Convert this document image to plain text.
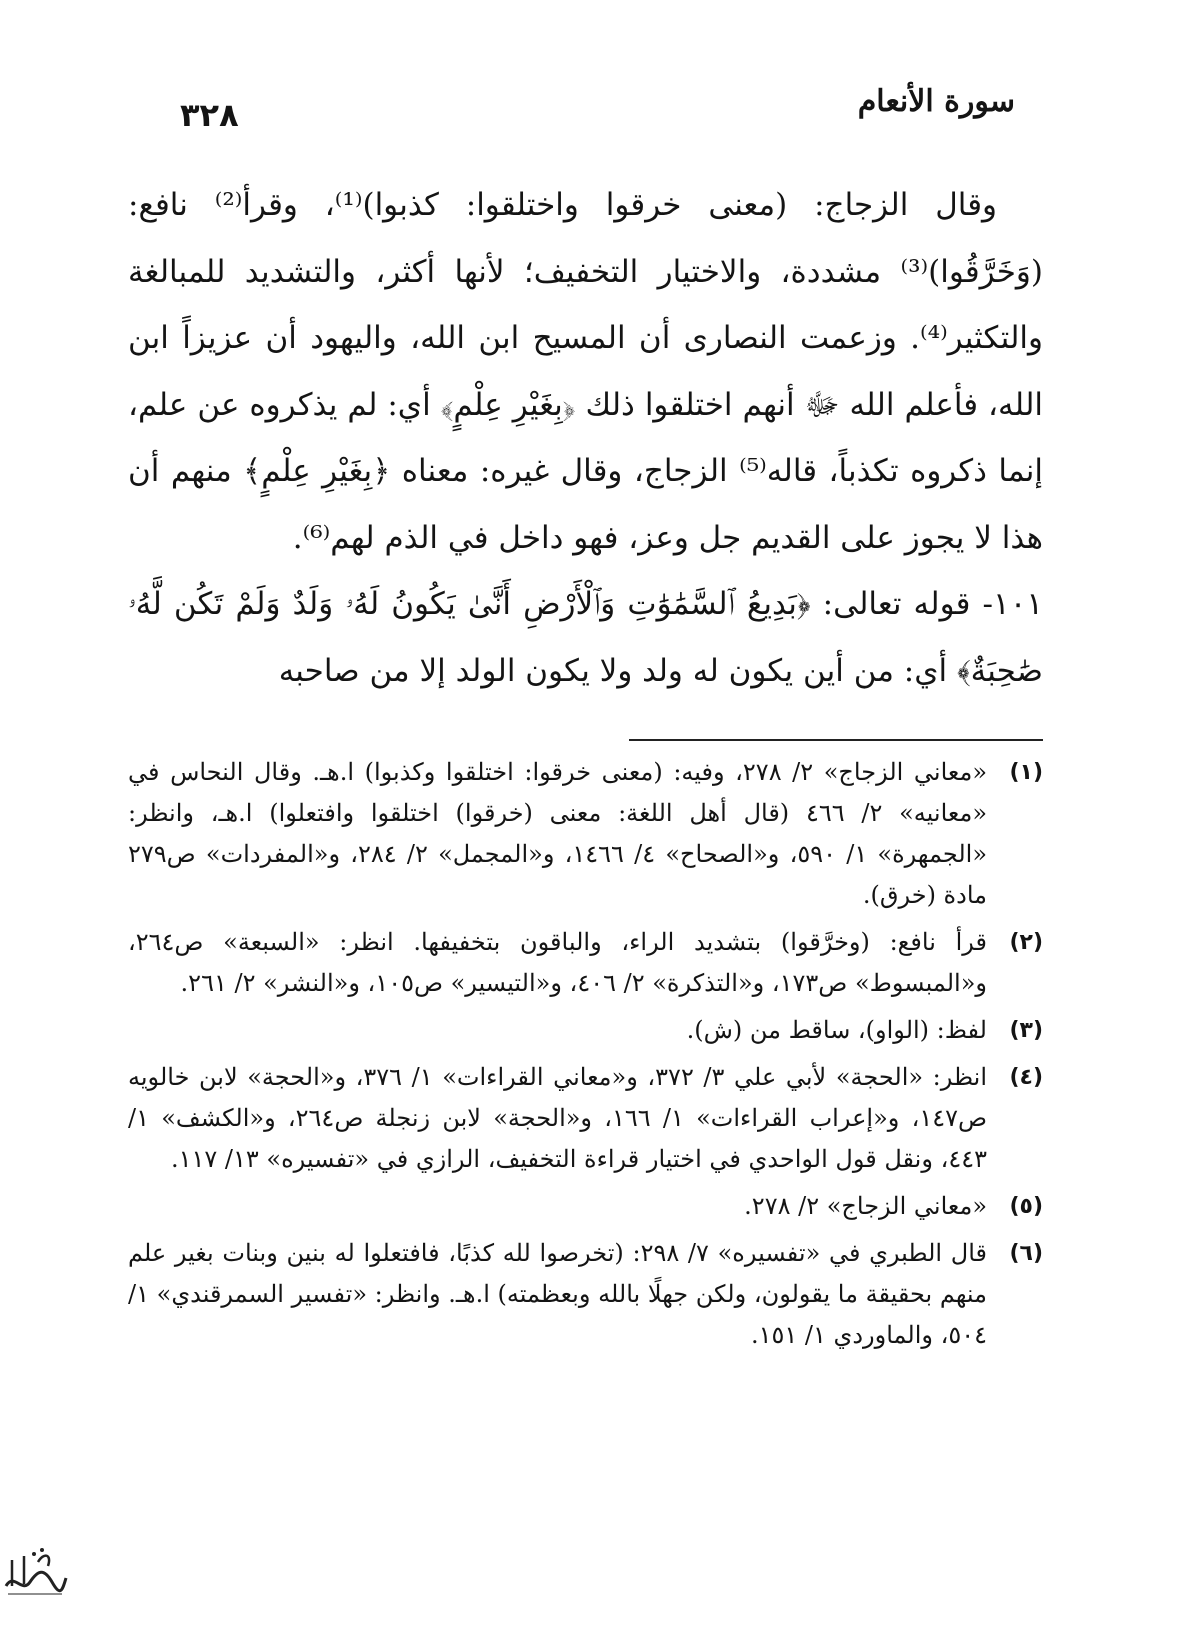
سورة الأنعام
٣٢٨

وقال الزجاج: (معنى خرقوا واختلقوا: كذبوا)⁽¹⁾، وقرأ⁽²⁾ نافع: (وَخَرَّقُوا)⁽³⁾ مشددة، والاختيار التخفيف؛ لأنها أكثر، والتشديد للمبالغة والتكثير⁽⁴⁾. وزعمت النصارى أن المسيح ابن الله، واليهود أن عزيزاً ابن الله، فأعلم الله ﷻ أنهم اختلقوا ذلك ﴿بِغَيْرِ عِلْمٍ﴾ أي: لم يذكروه عن علم، إنما ذكروه تكذباً، قاله⁽⁵⁾ الزجاج، وقال غيره: معناه ﴿بِغَيْرِ عِلْمٍ﴾ منهم أن هذا لا يجوز على القديم جل وعز، فهو داخل في الذم لهم⁽⁶⁾.

١٠١- قوله تعالى: ﴿بَدِيعُ ٱلسَّمَٰوَٰتِ وَٱلْأَرْضِ أَنَّىٰ يَكُونُ لَهُۥ وَلَدٌ وَلَمْ تَكُن لَّهُۥ صَٰحِبَةٌ﴾ أي: من أين يكون له ولد ولا يكون الولد إلا من صاحبه

(١)
«معاني الزجاج» ٢/ ٢٧٨، وفيه: (معنى خرقوا: اختلقوا وكذبوا) ا.هـ. وقال النحاس في «معانيه» ٢/ ٤٦٦ (قال أهل اللغة: معنى (خرقوا) اختلقوا وافتعلوا) ا.هـ، وانظر: «الجمهرة» ١/ ٥٩٠، و«الصحاح» ٤/ ١٤٦٦، و«المجمل» ٢/ ٢٨٤، و«المفردات» ص٢٧٩ مادة (خرق).
(٢)
قرأ نافع: (وخرَّقوا) بتشديد الراء، والباقون بتخفيفها. انظر: «السبعة» ص٢٦٤، و«المبسوط» ص١٧٣، و«التذكرة» ٢/ ٤٠٦، و«التيسير» ص١٠٥، و«النشر» ٢/ ٢٦١.
(٣)
لفظ: (الواو)، ساقط من (ش).
(٤)
انظر: «الحجة» لأبي علي ٣/ ٣٧٢، و«معاني القراءات» ١/ ٣٧٦، و«الحجة» لابن خالويه ص١٤٧، و«إعراب القراءات» ١/ ١٦٦، و«الحجة» لابن زنجلة ص٢٦٤، و«الكشف» ١/ ٤٤٣، ونقل قول الواحدي في اختيار قراءة التخفيف، الرازي في «تفسيره» ١٣/ ١١٧.
(٥)
«معاني الزجاج» ٢/ ٢٧٨.
(٦)
قال الطبري في «تفسيره» ٧/ ٢٩٨: (تخرصوا لله كذبًا، فافتعلوا له بنين وبنات بغير علم منهم بحقيقة ما يقولون، ولكن جهلًا بالله وبعظمته) ا.هـ. وانظر: «تفسير السمرقندي» ١/ ٥٠٤، والماوردي ١/ ١٥١.
